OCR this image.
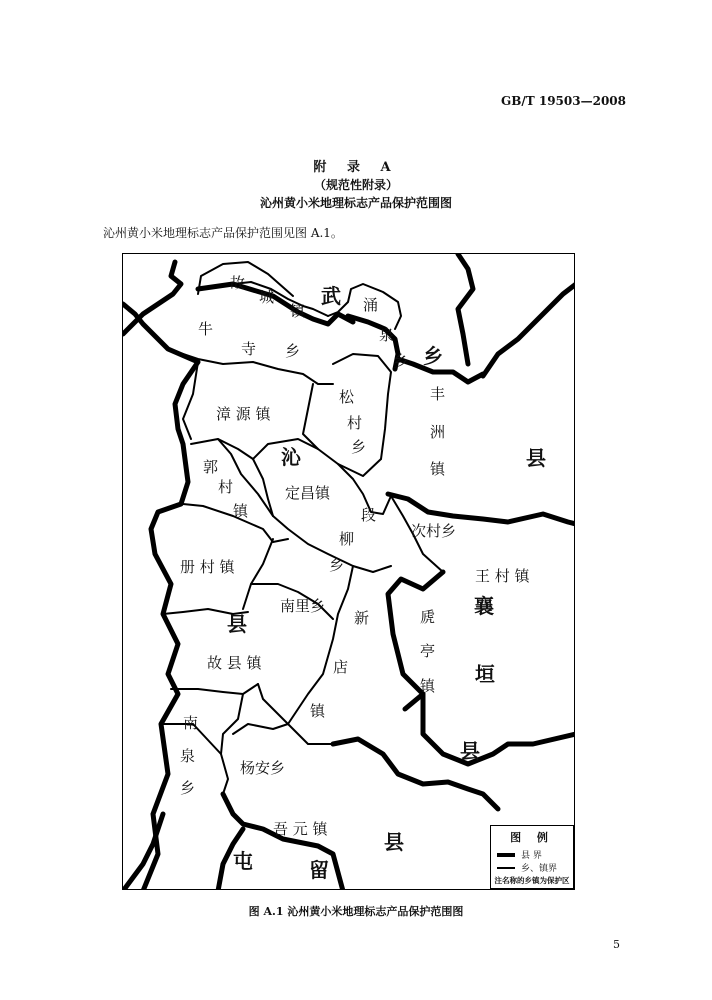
GB/T 19503—2008
附 录 A
（规范性附录）
沁州黄小米地理标志产品保护范围图
沁州黄小米地理标志产品保护范围见图 A.1。
故
城
镇
武 涌
泉
乡 乡
牛
寺 乡
丰
洲
镇
松
村
乡
漳 源 镇
县
沁
郭
村
镇
定昌镇
段
柳
乡
次村乡
册 村 镇	王 村 镇
襄
南里乡
县	新
店
镇
虒
亭
镇
故 县 镇	垣
南
泉
乡
杨安乡
县
吾 元 镇
县
屯	留
图 例
县 界
乡、镇界
注名称的乡镇为保护区
图 A.1 沁州黄小米地理标志产品保护范围图
5
